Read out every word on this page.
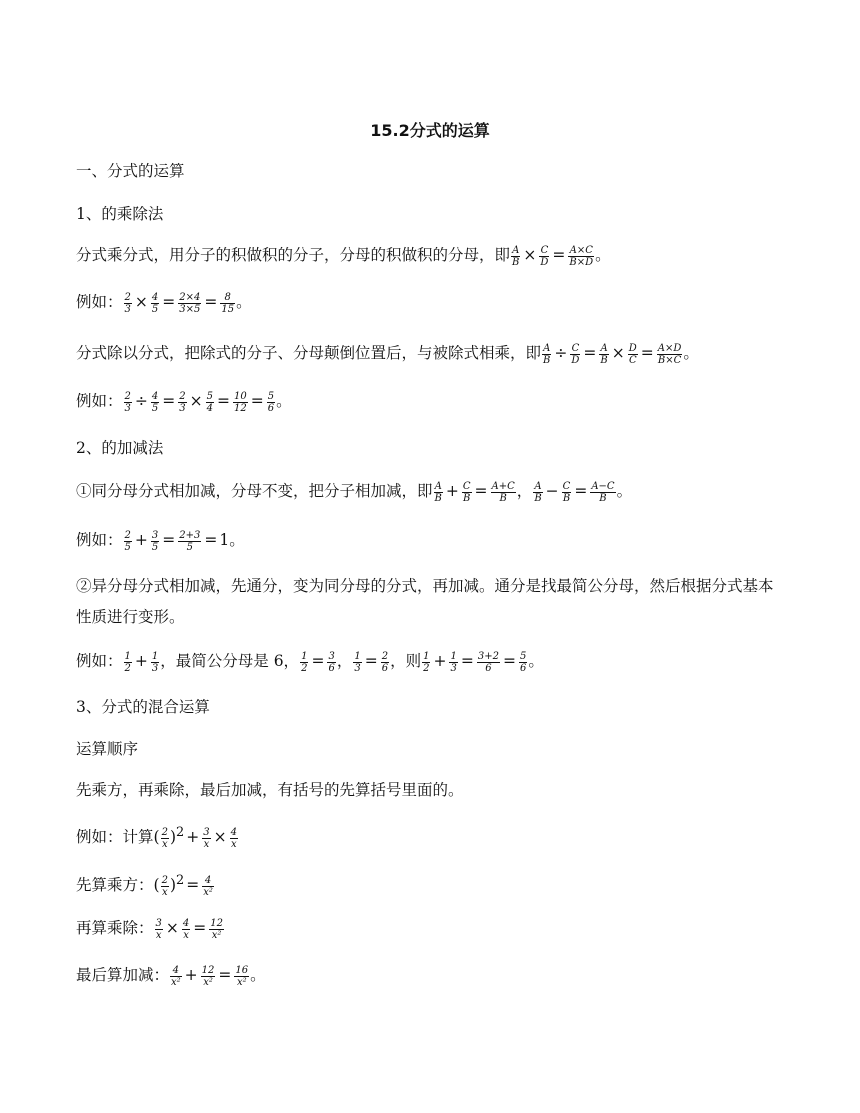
15.2分式的运算
一、分式的运算
1、的乘除法
分式乘分式，用分子的积做积的分子，分母的积做积的分母，即 $\frac{A}{B} \times \frac{C}{D} = \frac{A\times C}{B\times D}$ 。
例如： $\frac{2}{3} \times \frac{4}{5} = \frac{2\times 4}{3\times 5} = \frac{8}{15}$ 。
分式除以分式，把除式的分子、分母颠倒位置后，与被除式相乘，即 $\frac{A}{B} \div \frac{C}{D} = \frac{A}{B} \times \frac{D}{C} = \frac{A\times D}{B\times C}$ 。
例如： $\frac{2}{3} \div \frac{4}{5} = \frac{2}{3} \times \frac{5}{4} = \frac{10}{12} = \frac{5}{6}$ 。
2、的加减法
①同分母分式相加减，分母不变，把分子相加减，即 $\frac{A}{B} + \frac{C}{B} = \frac{A+C}{B}$ ， $\frac{A}{B} - \frac{C}{B} = \frac{A-C}{B}$ 。
例如： $\frac{2}{5} + \frac{3}{5} = \frac{2+3}{5} = 1$。
②异分母分式相加减，先通分，变为同分母的分式，再加减。通分是找最简公分母，然后根据分式基本性质进行变形。
例如： $\frac{1}{2} + \frac{1}{3}$ ，最简公分母是 6， $\frac{1}{2} = \frac{3}{6}$ ， $\frac{1}{3} = \frac{2}{6}$ ，则 $\frac{1}{2} + \frac{1}{3} = \frac{3+2}{6} = \frac{5}{6}$ 。
3、分式的混合运算
运算顺序
先乘方，再乘除，最后加减，有括号的先算括号里面的。
例如：计算( $\frac{2}{x} )^2 + \frac{3}{x} \times \frac{4}{x}$
先算乘方：( $\frac{2}{x} )^2 = \frac{4}{\text{x²}}$
再算乘除： $\frac{3}{x} \times \frac{4}{x} = \frac{12}{\text{x²}}$
最后算加减： $\frac{4}{\text{x²}} + \frac{12}{\text{x²}} = \frac{16}{\text{x²}}$ 。
